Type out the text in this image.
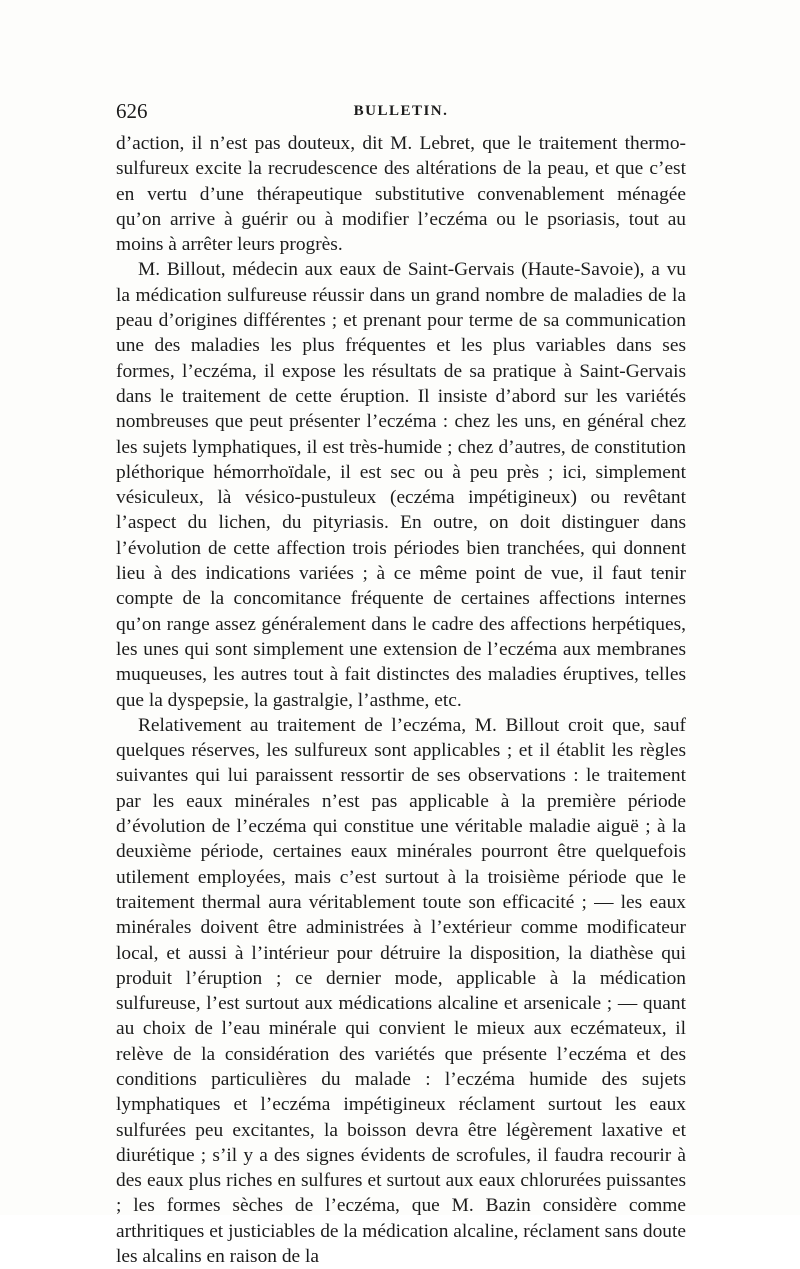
626	BULLETIN.

d’action, il n’est pas douteux, dit M. Lebret, que le traitement thermo-sulfureux excite la recrudescence des altérations de la peau, et que c’est en vertu d’une thérapeutique substitutive convenablement ménagée qu’on arrive à guérir ou à modifier l’eczéma ou le psoriasis, tout au moins à arrêter leurs progrès.

M. Billout, médecin aux eaux de Saint-Gervais (Haute-Savoie), a vu la médication sulfureuse réussir dans un grand nombre de maladies de la peau d’origines différentes ; et prenant pour terme de sa communication une des maladies les plus fréquentes et les plus variables dans ses formes, l’eczéma, il expose les résultats de sa pratique à Saint-Gervais dans le traitement de cette éruption. Il insiste d’abord sur les variétés nombreuses que peut présenter l’eczéma : chez les uns, en général chez les sujets lymphatiques, il est très-humide ; chez d’autres, de constitution pléthorique hémorrhoïdale, il est sec ou à peu près ; ici, simplement vésiculeux, là vésico-pustuleux (eczéma impétigineux) ou revêtant l’aspect du lichen, du pityriasis. En outre, on doit distinguer dans l’évolution de cette affection trois périodes bien tranchées, qui donnent lieu à des indications variées ; à ce même point de vue, il faut tenir compte de la concomitance fréquente de certaines affections internes qu’on range assez généralement dans le cadre des affections herpétiques, les unes qui sont simplement une extension de l’eczéma aux membranes muqueuses, les autres tout à fait distinctes des maladies éruptives, telles que la dyspepsie, la gastralgie, l’asthme, etc.

Relativement au traitement de l’eczéma, M. Billout croit que, sauf quelques réserves, les sulfureux sont applicables ; et il établit les règles suivantes qui lui paraissent ressortir de ses observations : le traitement par les eaux minérales n’est pas applicable à la première période d’évolution de l’eczéma qui constitue une véritable maladie aiguë ; à la deuxième période, certaines eaux minérales pourront être quelquefois utilement employées, mais c’est surtout à la troisième période que le traitement thermal aura véritablement toute son efficacité ; — les eaux minérales doivent être administrées à l’extérieur comme modificateur local, et aussi à l’intérieur pour détruire la disposition, la diathèse qui produit l’éruption ; ce dernier mode, applicable à la médication sulfureuse, l’est surtout aux médications alcaline et arsenicale ; — quant au choix de l’eau minérale qui convient le mieux aux eczémateux, il relève de la considération des variétés que présente l’eczéma et des conditions particulières du malade : l’eczéma humide des sujets lymphatiques et l’eczéma impétigineux réclament surtout les eaux sulfurées peu excitantes, la boisson devra être légèrement laxative et diurétique ; s’il y a des signes évidents de scrofules, il faudra recourir à des eaux plus riches en sulfures et surtout aux eaux chlorurées puissantes ; les formes sèches de l’eczéma, que M. Bazin considère comme arthritiques et justiciables de la médication alcaline, réclament sans doute les alcalins en raison de la
